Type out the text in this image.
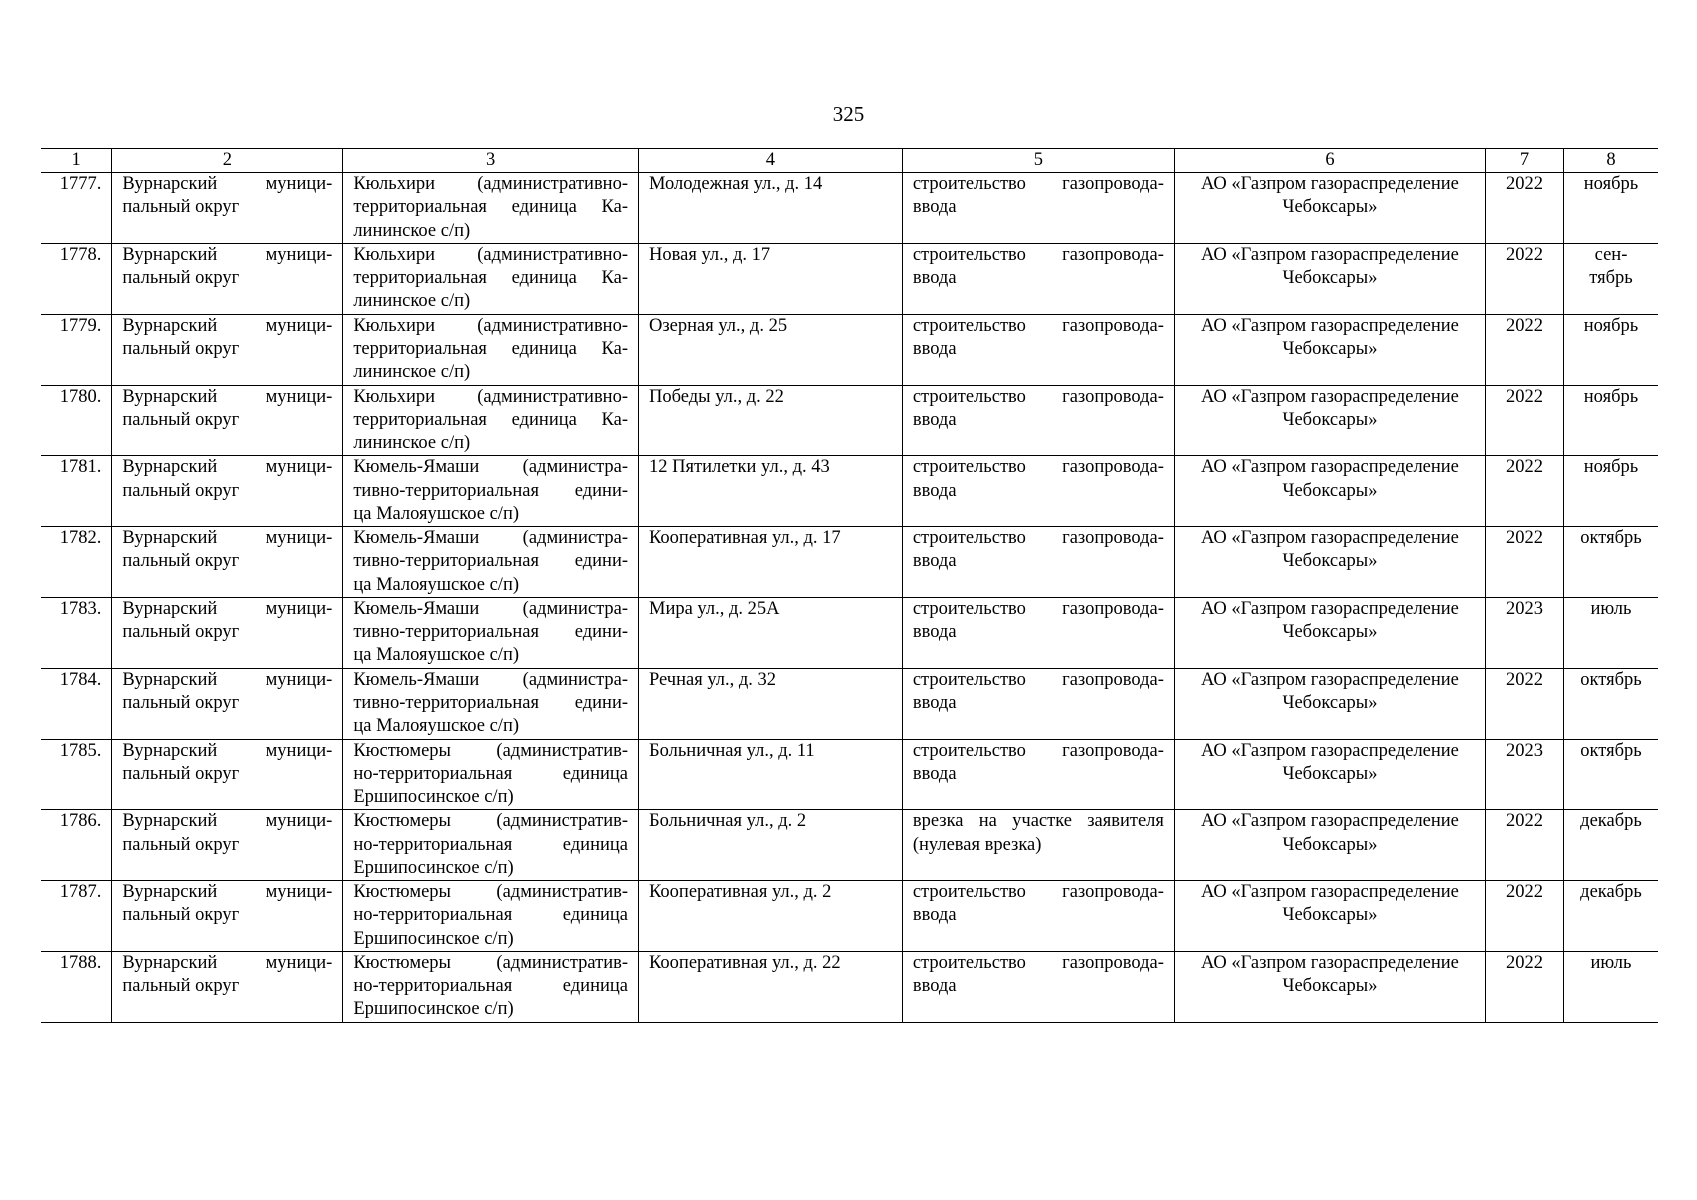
325
1	2	3	4	5	6	7	8
1777.	Вурнарский муници-
пальный округ	Кюльхири (административно-
территориальная единица Ка-
лининское с/п)	Молодежная ул., д. 14	строительство газопровода-
ввода	АО «Газпром газораспределение
Чебоксары»	2022	ноябрь

1778.	Вурнарский муници-
пальный округ	Кюльхири (административно-
территориальная единица Ка-
лининское с/п)	Новая ул., д. 17	строительство газопровода-
ввода	АО «Газпром газораспределение
Чебоксары»	2022	сен-
тябрь

1779.	Вурнарский муници-
пальный округ	Кюльхири (административно-
территориальная единица Ка-
лининское с/п)	Озерная ул., д. 25	строительство газопровода-
ввода	АО «Газпром газораспределение
Чебоксары»	2022	ноябрь

1780.	Вурнарский муници-
пальный округ	Кюльхири (административно-
территориальная единица Ка-
лининское с/п)	Победы ул., д. 22	строительство газопровода-
ввода	АО «Газпром газораспределение
Чебоксары»	2022	ноябрь

1781.	Вурнарский муници-
пальный округ	Кюмель-Ямаши (администра-
тивно-территориальная едини-
ца Малояушское с/п)	12 Пятилетки ул., д. 43	строительство газопровода-
ввода	АО «Газпром газораспределение
Чебоксары»	2022	ноябрь

1782.	Вурнарский муници-
пальный округ	Кюмель-Ямаши (администра-
тивно-территориальная едини-
ца Малояушское с/п)	Кооперативная ул., д. 17	строительство газопровода-
ввода	АО «Газпром газораспределение
Чебоксары»	2022	октябрь

1783.	Вурнарский муници-
пальный округ	Кюмель-Ямаши (администра-
тивно-территориальная едини-
ца Малояушское с/п)	Мира ул., д. 25А	строительство газопровода-
ввода	АО «Газпром газораспределение
Чебоксары»	2023	июль

1784.	Вурнарский муници-
пальный округ	Кюмель-Ямаши (администра-
тивно-территориальная едини-
ца Малояушское с/п)	Речная ул., д. 32	строительство газопровода-
ввода	АО «Газпром газораспределение
Чебоксары»	2022	октябрь

1785.	Вурнарский муници-
пальный округ	Кюстюмеры (административ-
но-территориальная единица
Ершипосинское с/п)	Больничная ул., д. 11	строительство газопровода-
ввода	АО «Газпром газораспределение
Чебоксары»	2023	октябрь

1786.	Вурнарский муници-
пальный округ	Кюстюмеры (административ-
но-территориальная единица
Ершипосинское с/п)	Больничная ул., д. 2	врезка на участке заявителя
(нулевая врезка)	АО «Газпром газораспределение
Чебоксары»	2022	декабрь

1787.	Вурнарский муници-
пальный округ	Кюстюмеры (административ-
но-территориальная единица
Ершипосинское с/п)	Кооперативная ул., д. 2	строительство газопровода-
ввода	АО «Газпром газораспределение
Чебоксары»	2022	декабрь

1788.	Вурнарский муници-
пальный округ	Кюстюмеры (административ-
но-территориальная единица
Ершипосинское с/п)	Кооперативная ул., д. 22	строительство газопровода-
ввода	АО «Газпром газораспределение
Чебоксары»	2022	июль
